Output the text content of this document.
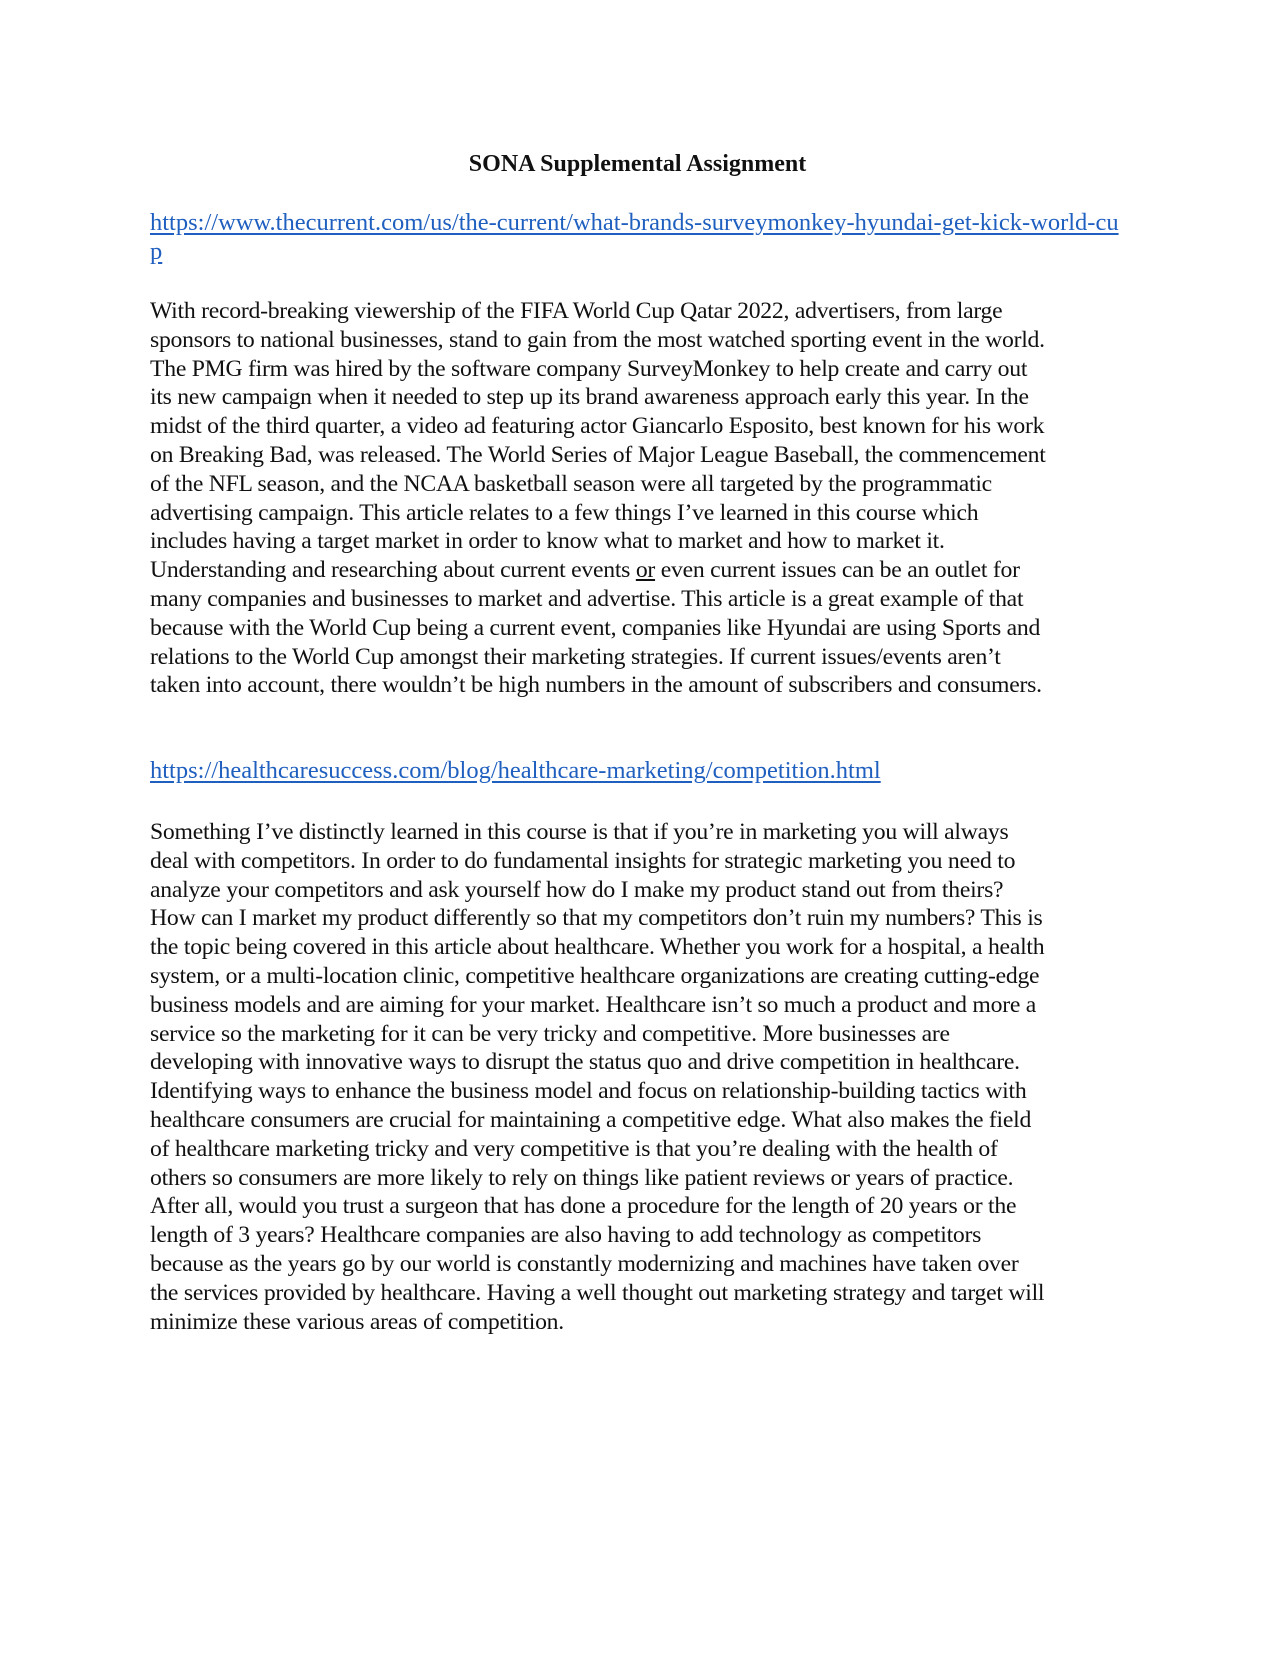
SONA Supplemental Assignment
https://www.thecurrent.com/us/the-current/what-brands-surveymonkey-hyundai-get-kick-world-cup
With record-breaking viewership of the FIFA World Cup Qatar 2022, advertisers, from large
sponsors to national businesses, stand to gain from the most watched sporting event in the world.
The PMG firm was hired by the software company SurveyMonkey to help create and carry out
its new campaign when it needed to step up its brand awareness approach early this year. In the
midst of the third quarter, a video ad featuring actor Giancarlo Esposito, best known for his work
on Breaking Bad, was released. The World Series of Major League Baseball, the commencement
of the NFL season, and the NCAA basketball season were all targeted by the programmatic
advertising campaign. This article relates to a few things I’ve learned in this course which
includes having a target market in order to know what to market and how to market it.
Understanding and researching about current events or even current issues can be an outlet for
many companies and businesses to market and advertise. This article is a great example of that
because with the World Cup being a current event, companies like Hyundai are using Sports and
relations to the World Cup amongst their marketing strategies. If current issues/events aren’t
taken into account, there wouldn’t be high numbers in the amount of subscribers and consumers.
https://healthcaresuccess.com/blog/healthcare-marketing/competition.html
Something I’ve distinctly learned in this course is that if you’re in marketing you will always
deal with competitors. In order to do fundamental insights for strategic marketing you need to
analyze your competitors and ask yourself how do I make my product stand out from theirs?
How can I market my product differently so that my competitors don’t ruin my numbers? This is
the topic being covered in this article about healthcare. Whether you work for a hospital, a health
system, or a multi-location clinic, competitive healthcare organizations are creating cutting-edge
business models and are aiming for your market. Healthcare isn’t so much a product and more a
service so the marketing for it can be very tricky and competitive. More businesses are
developing with innovative ways to disrupt the status quo and drive competition in healthcare.
Identifying ways to enhance the business model and focus on relationship-building tactics with
healthcare consumers are crucial for maintaining a competitive edge. What also makes the field
of healthcare marketing tricky and very competitive is that you’re dealing with the health of
others so consumers are more likely to rely on things like patient reviews or years of practice.
After all, would you trust a surgeon that has done a procedure for the length of 20 years or the
length of 3 years? Healthcare companies are also having to add technology as competitors
because as the years go by our world is constantly modernizing and machines have taken over
the services provided by healthcare. Having a well thought out marketing strategy and target will
minimize these various areas of competition.
